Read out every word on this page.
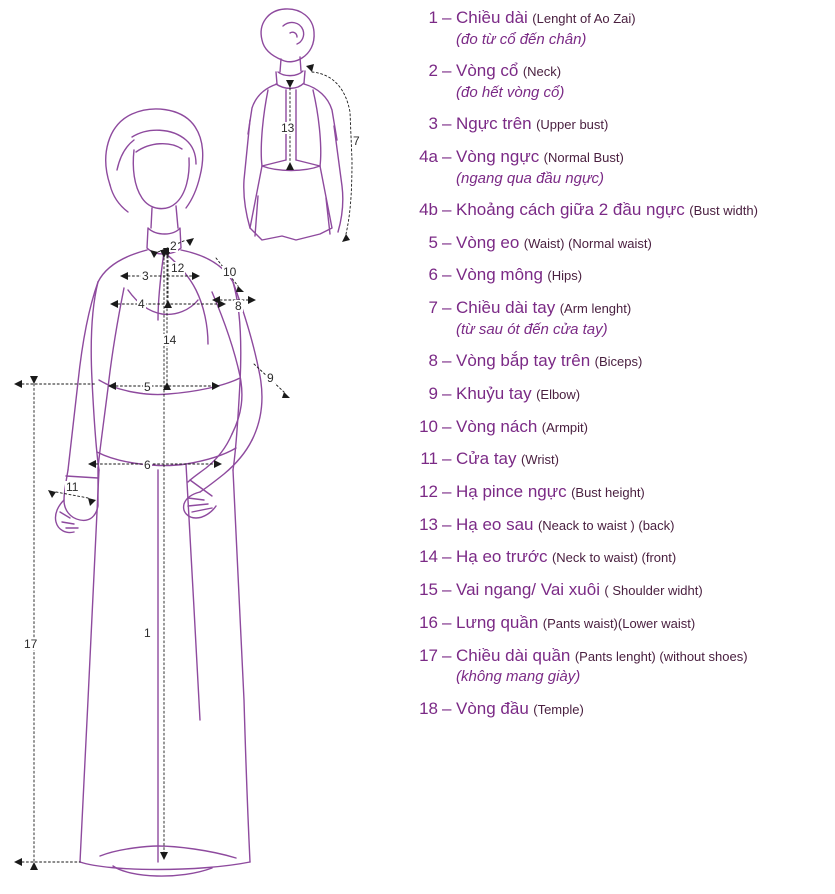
2
3
12	10
4	8
14
9
5
6
11
1
17
13
7
1 – Chiều dài (Lenght of Ao Zai)
(đo từ cổ đến chân)
2 – Vòng cổ (Neck)
(đo hết vòng cổ)
3 – Ngực trên (Upper bust)
4a – Vòng ngực (Normal Bust)
(ngang qua đầu ngực)
4b – Khoảng cách giữa 2 đầu ngực (Bust width)
5 – Vòng eo (Waist) (Normal waist)
6 – Vòng mông (Hips)
7 – Chiều dài tay (Arm lenght)
(từ sau ót đến cửa tay)
8 – Vòng bắp tay trên (Biceps)
9 – Khuỷu tay (Elbow)
10 – Vòng nách (Armpit)
11 – Cửa tay (Wrist)
12 – Hạ pince ngực (Bust height)
13 – Hạ eo sau (Neack to waist ) (back)
14 – Hạ eo trước (Neck to waist) (front)
15 – Vai ngang/ Vai xuôi ( Shoulder widht)
16 – Lưng quần (Pants waist)(Lower waist)
17 – Chiều dài quần (Pants lenght) (without shoes)
(không mang giày)
18 – Vòng đầu (Temple)
